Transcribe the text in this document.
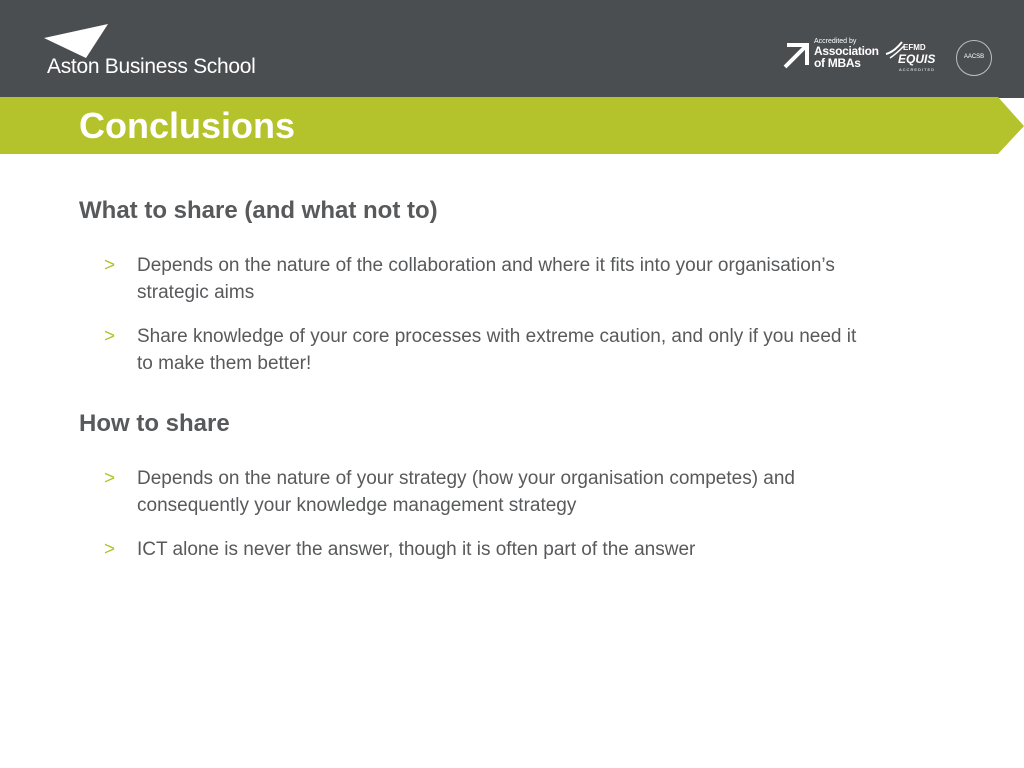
Aston Business School
Accredited by
Association
of MBAs
EFMD
EQUIS
ACCREDITED
AACSB
Conclusions
What to share (and what not to)
> Depends on the nature of the collaboration and where it fits into your organisation’s strategic aims
> Share knowledge of your core processes with extreme caution, and only if you need it to make them better!
How to share
> Depends on the nature of your strategy (how your organisation competes) and consequently your knowledge management strategy
> ICT alone is never the answer, though it is often part of the answer
